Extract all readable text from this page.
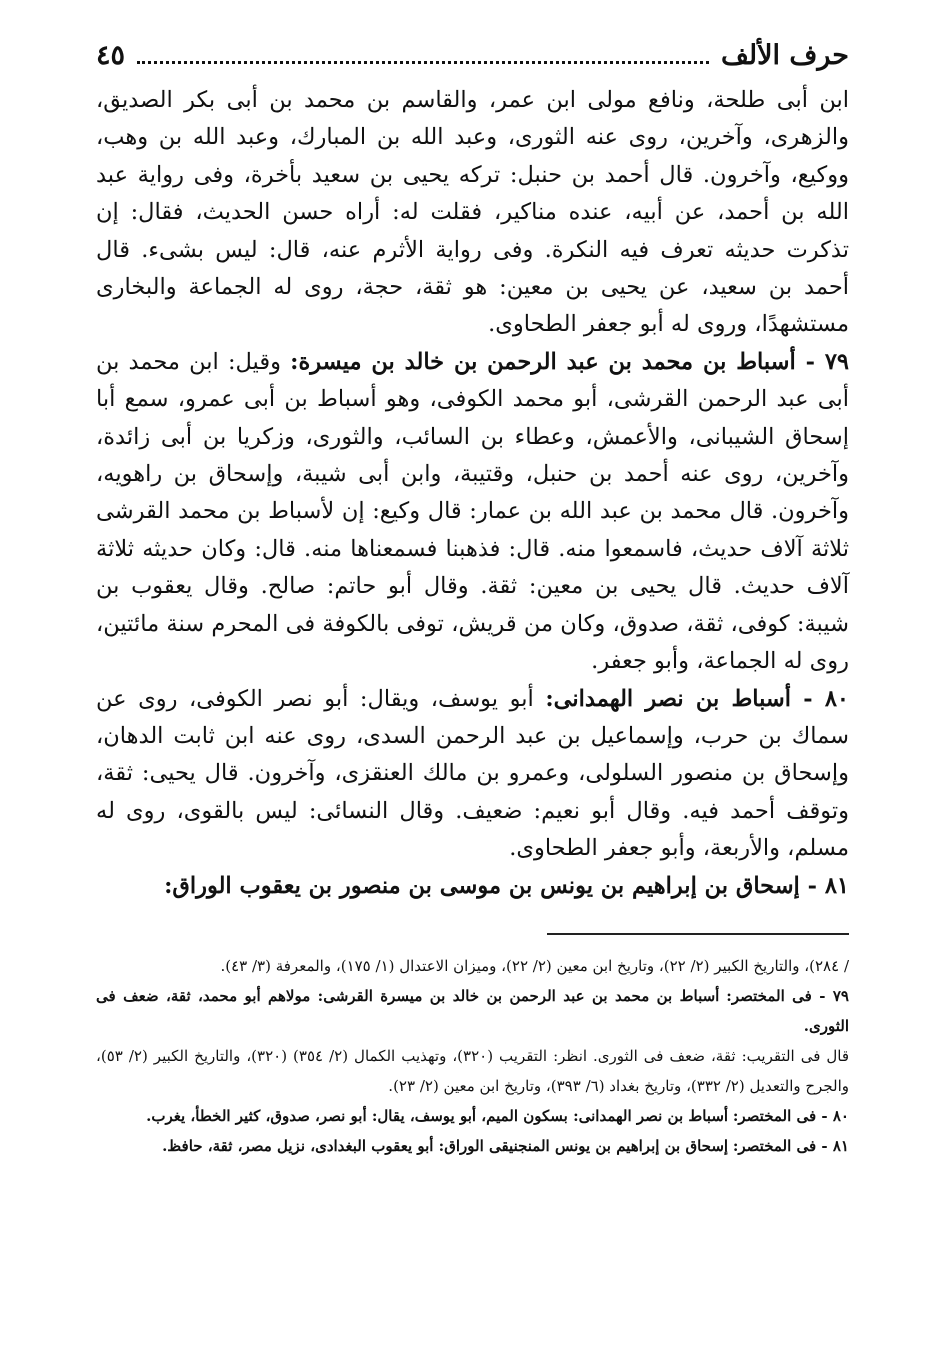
حرف الألف
٤٥

ابن أبى طلحة، ونافع مولى ابن عمر، والقاسم بن محمد بن أبى بكر الصديق، والزهرى، وآخرين، روى عنه الثورى، وعبد الله بن المبارك، وعبد الله بن وهب، ووكيع، وآخرون. قال أحمد بن حنبل: تركه يحيى بن سعيد بأخرة، وفى رواية عبد الله بن أحمد، عن أبيه، عنده مناكير، فقلت له: أراه حسن الحديث، فقال: إن تذكرت حديثه تعرف فيه النكرة. وفى رواية الأثرم عنه، قال: ليس بشىء. قال أحمد بن سعيد، عن يحيى بن معين: هو ثقة، حجة، روى له الجماعة والبخارى مستشهدًا، وروى له أبو جعفر الطحاوى.

٧٩ - أسباط بن محمد بن عبد الرحمن بن خالد بن ميسرة: وقيل: ابن محمد بن أبى عبد الرحمن القرشى، أبو محمد الكوفى، وهو أسباط بن أبى عمرو، سمع أبا إسحاق الشيبانى، والأعمش، وعطاء بن السائب، والثورى، وزكريا بن أبى زائدة، وآخرين، روى عنه أحمد بن حنبل، وقتيبة، وابن أبى شيبة، وإسحاق بن راهويه، وآخرون. قال محمد بن عبد الله بن عمار: قال وكيع: إن لأسباط بن محمد القرشى ثلاثة آلاف حديث، فاسمعوا منه. قال: فذهبنا فسمعناها منه. قال: وكان حديثه ثلاثة آلاف حديث. قال يحيى بن معين: ثقة. وقال أبو حاتم: صالح. وقال يعقوب بن شيبة: كوفى، ثقة، صدوق، وكان من قريش، توفى بالكوفة فى المحرم سنة مائتين، روى له الجماعة، وأبو جعفر.

٨٠ - أسباط بن نصر الهمدانى: أبو يوسف، ويقال: أبو نصر الكوفى، روى عن سماك بن حرب، وإسماعيل بن عبد الرحمن السدى، روى عنه ابن ثابت الدهان، وإسحاق بن منصور السلولى، وعمرو بن مالك العنقزى، وآخرون. قال يحيى: ثقة، وتوقف أحمد فيه. وقال أبو نعيم: ضعيف. وقال النسائى: ليس بالقوى، روى له مسلم، والأربعة، وأبو جعفر الطحاوى.

٨١ - إسحاق بن إبراهيم بن يونس بن موسى بن منصور بن يعقوب الوراق:

/ ٢٨٤)، والتاريخ الكبير (٢/ ٢٢)، وتاريخ ابن معين (٢/ ٢٢)، وميزان الاعتدال (١/ ١٧٥)، والمعرفة (٣/ ٤٣).

٧٩ - فى المختصر: أسباط بن محمد بن عبد الرحمن بن خالد بن ميسرة القرشى: مولاهم أبو محمد، ثقة، ضعف فى الثورى.

قال فى التقريب: ثقة، ضعف فى الثورى. انظر: التقريب (٣٢٠)، وتهذيب الكمال (٢/ ٣٥٤) (٣٢٠)، والتاريخ الكبير (٢/ ٥٣)، والجرح والتعديل (٢/ ٣٣٢)، وتاريخ بغداد (٦/ ٣٩٣)، وتاريخ ابن معين (٢/ ٢٣).

٨٠ - فى المختصر: أسباط بن نصر الهمدانى: بسكون الميم، أبو يوسف، يقال: أبو نصر، صدوق، كثير الخطأ، يغرب.

٨١ - فى المختصر: إسحاق بن إبراهيم بن يونس المنجنيقى الوراق: أبو يعقوب البغدادى، نزيل مصر، ثقة، حافظ.
